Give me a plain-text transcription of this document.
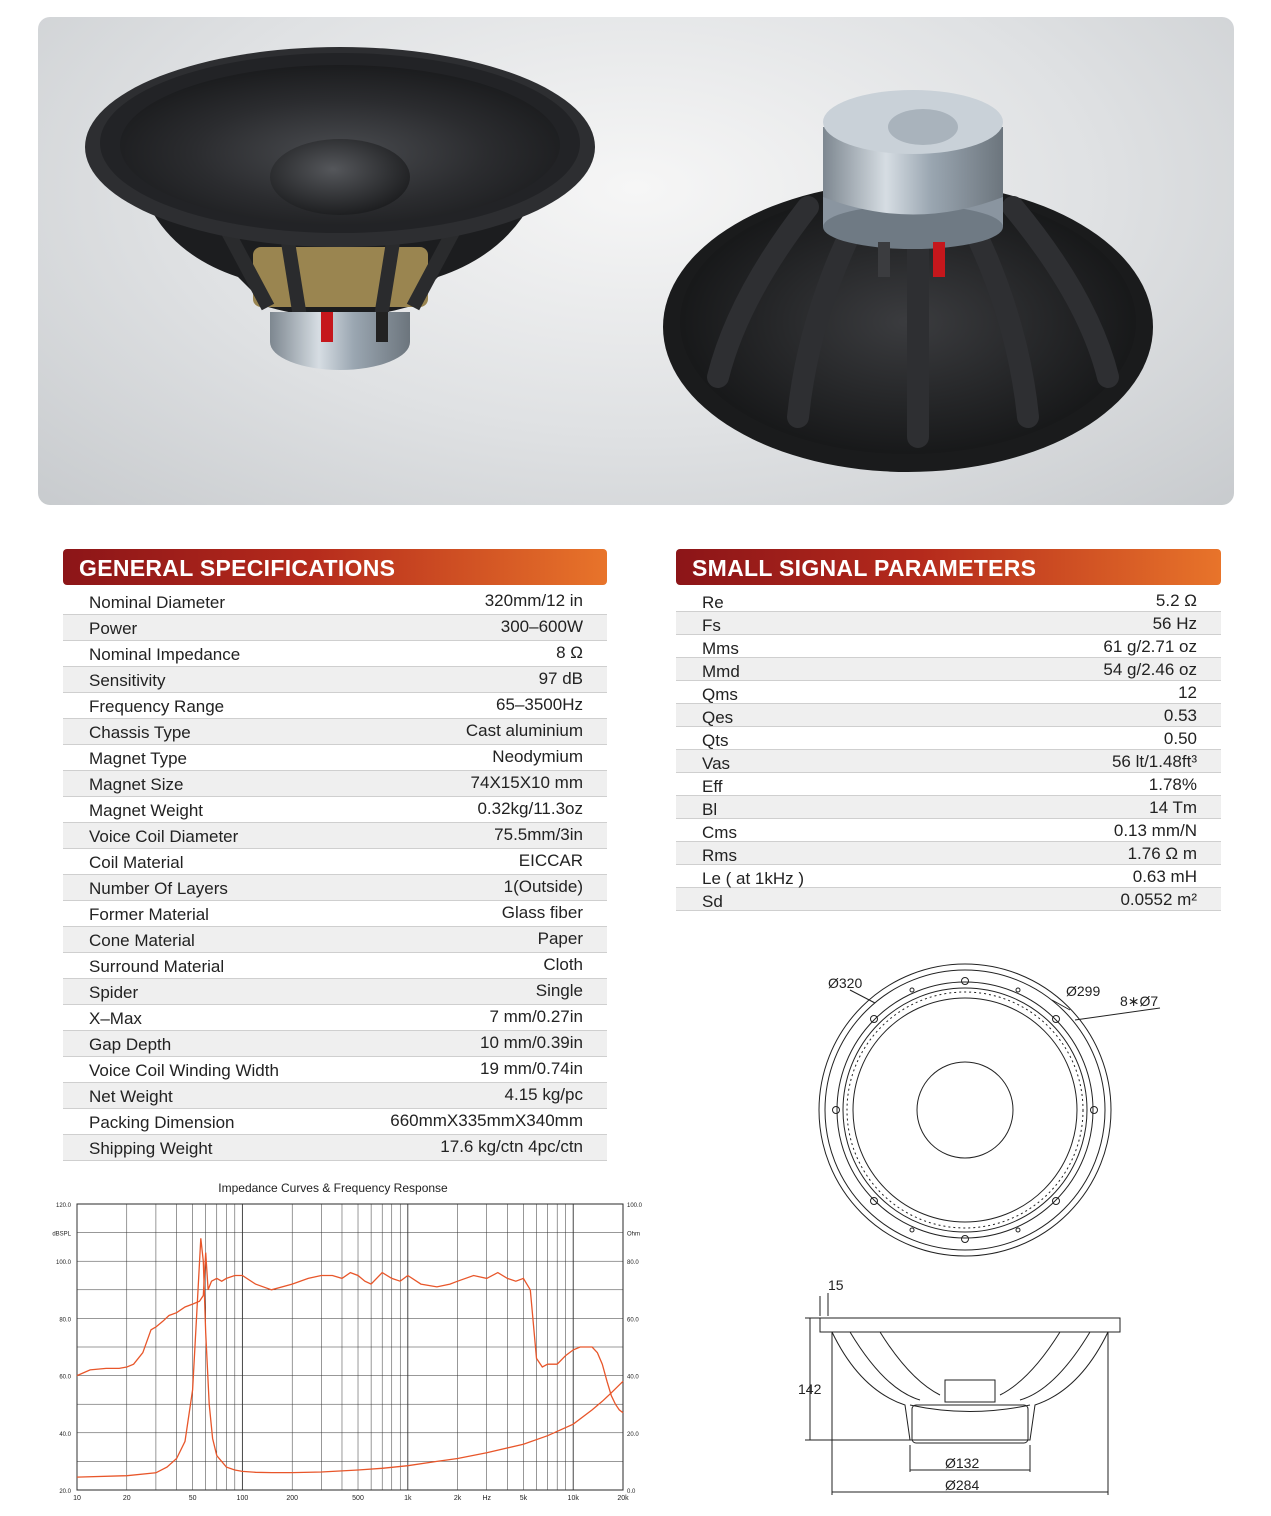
GENERAL SPECIFICATIONS
Nominal Diameter	320mm/12 in
Power	300–600W
Nominal Impedance	8 Ω
Sensitivity	97 dB
Frequency Range	65–3500Hz
Chassis Type	Cast aluminium
Magnet Type	Neodymium
Magnet Size	74X15X10 mm
Magnet Weight	0.32kg/11.3oz
Voice Coil Diameter	75.5mm/3in
Coil Material	EICCAR
Number Of Layers	1(Outside)
Former Material	Glass fiber
Cone Material	Paper
Surround Material	Cloth
Spider	Single
X–Max	7 mm/0.27in
Gap Depth	10 mm/0.39in
Voice Coil Winding Width	19 mm/0.74in
Net Weight	4.15 kg/pc
Packing Dimension	660mmX335mmX340mm
Shipping Weight	17.6 kg/ctn 4pc/ctn
SMALL SIGNAL PARAMETERS
Re	5.2 Ω
Fs	56 Hz
Mms	61 g/2.71 oz
Mmd	54 g/2.46 oz
Qms	12
Qes	0.53
Qts	0.50
Vas	56 lt/1.48ft³
Eff	1.78%
Bl	14 Tm
Cms	0.13 mm/N
Rms	1.76 Ω m
Le ( at 1kHz )	0.63 mH
Sd	0.0552 m²
Impedance Curves & Frequency Response
10	20	50	100	200	500	1k	2k	Hz	5k	10k	20k
20.0
40.0
60.0
80.0
100.0
120.0
dBSPL
0.0
20.0
40.0
60.0
80.0
100.0
Ohm
Ø320	Ø299
8∗Ø7
15
142
Ø132
Ø284
